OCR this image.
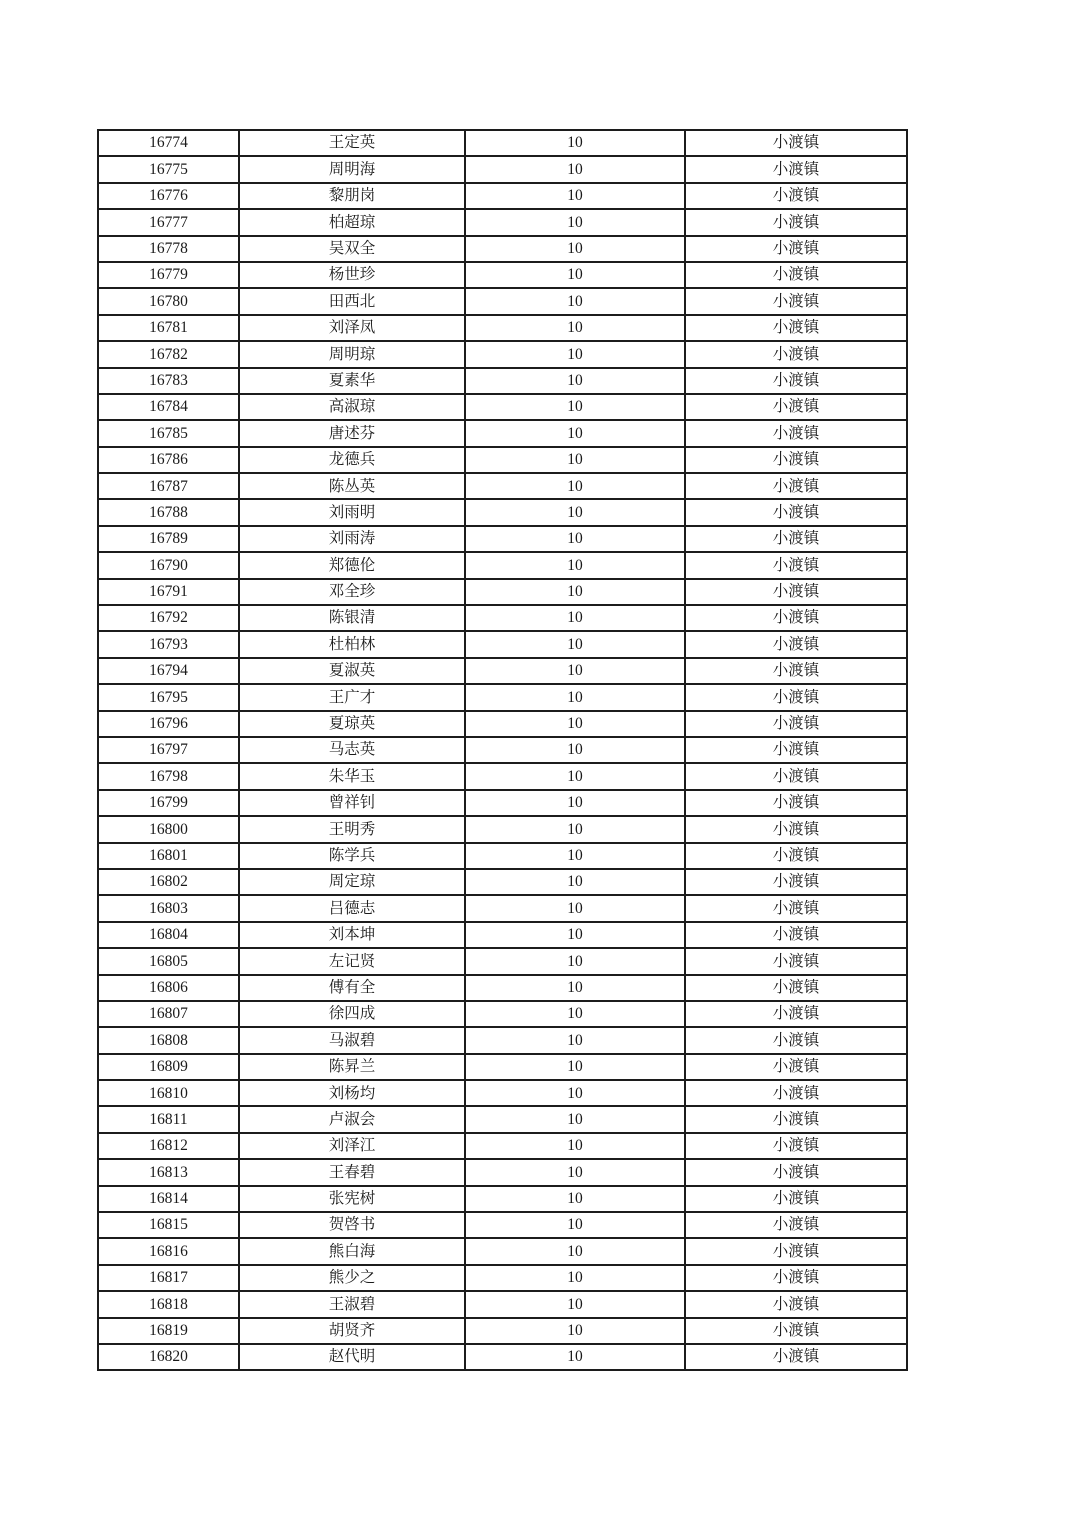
16774	王定英	10	小渡镇
16775	周明海	10	小渡镇
16776	黎朋岗	10	小渡镇
16777	柏超琼	10	小渡镇
16778	吴双全	10	小渡镇
16779	杨世珍	10	小渡镇
16780	田西北	10	小渡镇
16781	刘泽凤	10	小渡镇
16782	周明琼	10	小渡镇
16783	夏素华	10	小渡镇
16784	高淑琼	10	小渡镇
16785	唐述芬	10	小渡镇
16786	龙德兵	10	小渡镇
16787	陈丛英	10	小渡镇
16788	刘雨明	10	小渡镇
16789	刘雨涛	10	小渡镇
16790	郑德伦	10	小渡镇
16791	邓全珍	10	小渡镇
16792	陈银清	10	小渡镇
16793	杜柏林	10	小渡镇
16794	夏淑英	10	小渡镇
16795	王广才	10	小渡镇
16796	夏琼英	10	小渡镇
16797	马志英	10	小渡镇
16798	朱华玉	10	小渡镇
16799	曾祥钊	10	小渡镇
16800	王明秀	10	小渡镇
16801	陈学兵	10	小渡镇
16802	周定琼	10	小渡镇
16803	吕德志	10	小渡镇
16804	刘本坤	10	小渡镇
16805	左记贤	10	小渡镇
16806	傅有全	10	小渡镇
16807	徐四成	10	小渡镇
16808	马淑碧	10	小渡镇
16809	陈昇兰	10	小渡镇
16810	刘杨均	10	小渡镇
16811	卢淑会	10	小渡镇
16812	刘泽江	10	小渡镇
16813	王春碧	10	小渡镇
16814	张宪树	10	小渡镇
16815	贺啓书	10	小渡镇
16816	熊白海	10	小渡镇
16817	熊少之	10	小渡镇
16818	王淑碧	10	小渡镇
16819	胡贤齐	10	小渡镇
16820	赵代明	10	小渡镇
